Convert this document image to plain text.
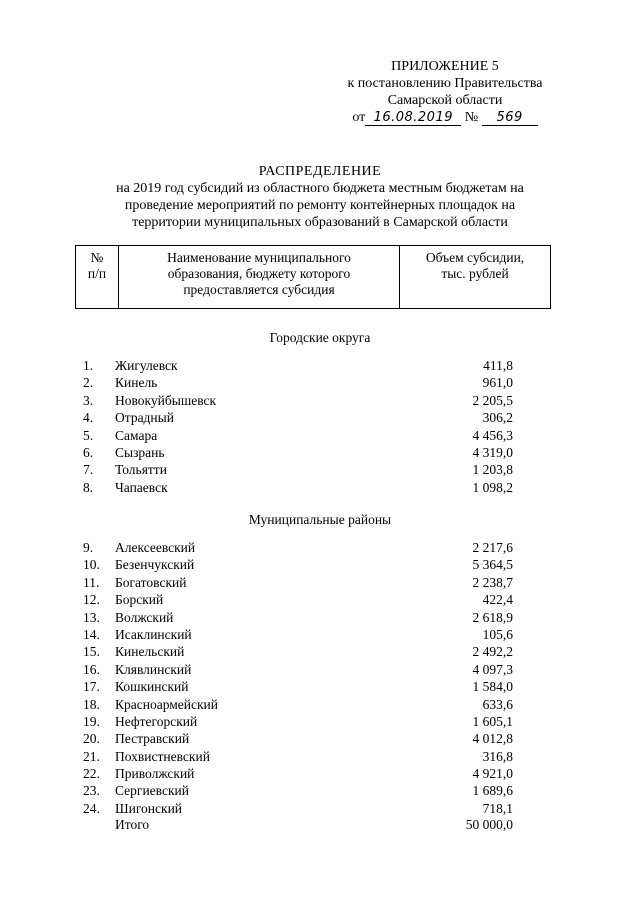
ПРИЛОЖЕНИЕ 5
к постановлению Правительства
Самарской области
от 16.08.2019 № 569
РАСПРЕДЕЛЕНИЕ
на 2019 год субсидий из областного бюджета местным бюджетам на
проведение мероприятий по ремонту контейнерных площадок на
территории муниципальных образований в Самарской области
№
п/п

Наименование муниципального
образования, бюджету которого
предоставляется субсидия

Объем субсидии,
тыс. рублей
Городские округа
1. Жигулевск	411,8
2. Кинель	961,0
3. Новокуйбышевск	2 205,5
4. Отрадный	306,2
5. Самара	4 456,3
6. Сызрань	4 319,0
7. Тольятти	1 203,8
8. Чапаевск	1 098,2
Муниципальные районы
9. Алексеевский	2 217,6
10. Безенчукский	5 364,5
11. Богатовский	2 238,7
12. Борский	422,4
13. Волжский	2 618,9
14. Исаклинский	105,6
15. Кинельский	2 492,2
16. Клявлинский	4 097,3
17. Кошкинский	1 584,0
18. Красноармейский	633,6
19. Нефтегорский	1 605,1
20. Пестравский	4 012,8
21. Похвистневский	316,8
22. Приволжский	4 921,0
23. Сергиевский	1 689,6
24. Шигонский	718,1
Итого	50 000,0
